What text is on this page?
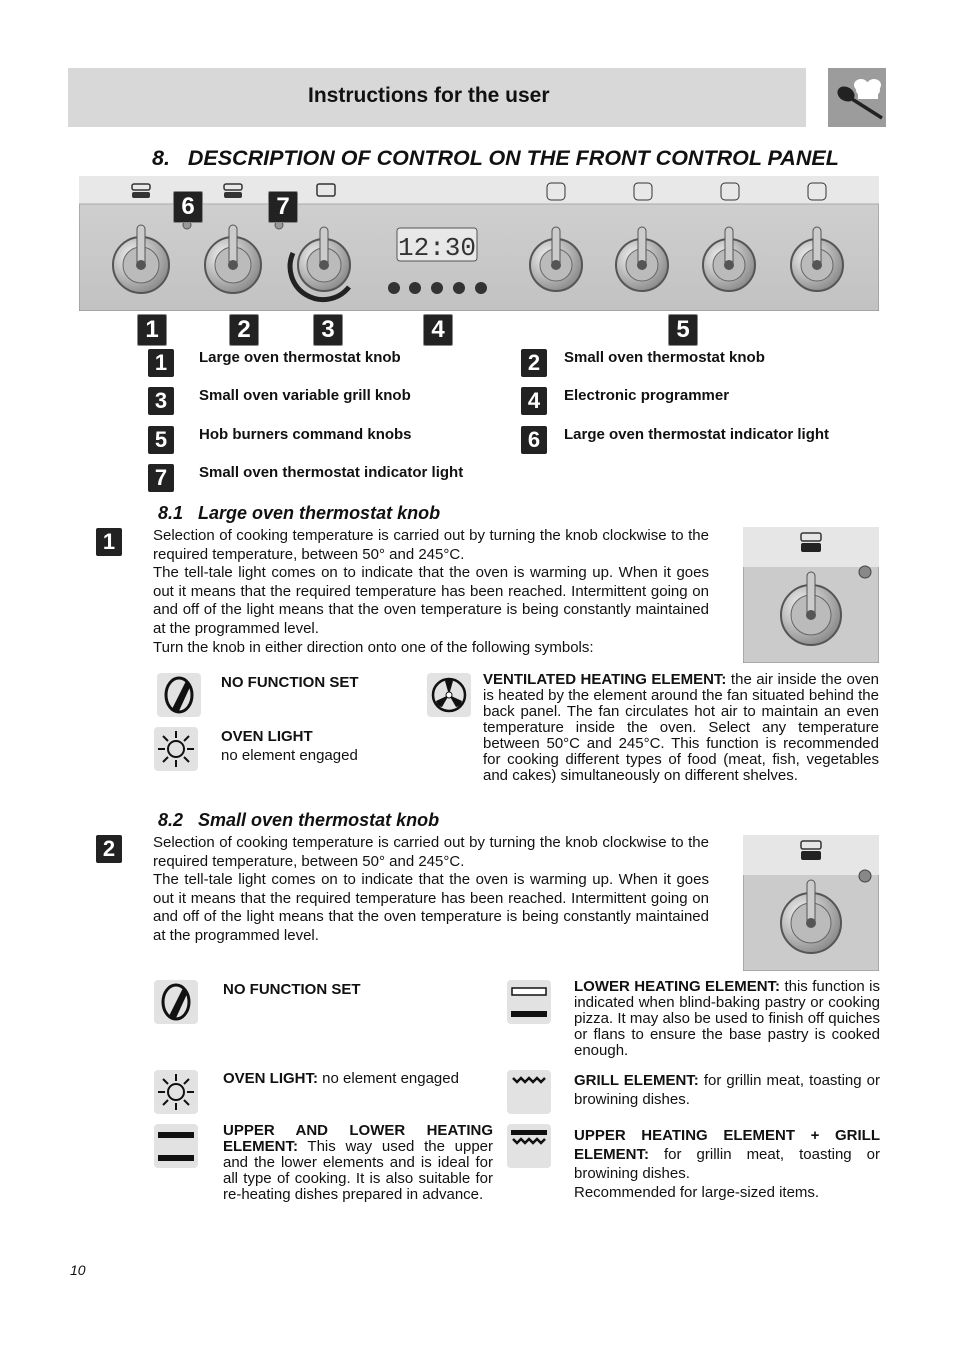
Instructions for the user
8.   DESCRIPTION OF CONTROL ON THE FRONT CONTROL PANEL
12:30
6	7
1	2	3	4	5
1	Large oven thermostat knob	2	Small oven thermostat knob
3	Small oven variable grill knob	4	Electronic programmer
5	Hob burners command knobs	6	Large oven thermostat indicator light
7	Small oven thermostat indicator light
8.1   Large oven thermostat knob
1	Selection of cooking temperature is carried out by turning the knob clockwise to the required temperature, between 50° and 245°C.

The tell-tale light comes on to indicate that the oven is warming up. When it goes out it means that the required temperature has been reached. Intermittent going on and off of the light means that the oven temperature is being constantly maintained at the programmed level.

Turn the knob in either direction onto one of the following symbols:

NO FUNCTION SET
OVEN LIGHT
no element engaged
VENTILATED HEATING ELEMENT: the air inside the oven is heated by the element around the fan situated behind the back panel. The fan circulates hot air to maintain an even temperature inside the oven. Select any temperature between 50°C and 245°C. This function is recommended for cooking different types of food (meat, fish, vegetables and cakes) simultaneously on different shelves.
8.2   Small oven thermostat knob
2	Selection of cooking temperature is carried out by turning the knob clockwise to the required temperature, between 50° and 245°C.

The tell-tale light comes on to indicate that the oven is warming up. When it goes out it means that the required temperature has been reached. Intermittent going on and off of the light means that the oven temperature is being constantly maintained at the programmed level.

NO FUNCTION SET
OVEN LIGHT: no element engaged
UPPER AND LOWER HEATING ELEMENT: This way used the upper and the lower elements and is ideal for all type of cooking. It is also suitable for re-heating dishes prepared in advance.
LOWER HEATING ELEMENT: this function is indicated when blind-baking pastry or cooking pizza. It may also be used to finish off quiches or flans to ensure the base pastry is cooked enough.
GRILL ELEMENT: for grillin meat, toasting or browining dishes.
UPPER HEATING ELEMENT + GRILL ELEMENT: for grillin meat, toasting or browining dishes.
Recommended for large-sized items.
10
